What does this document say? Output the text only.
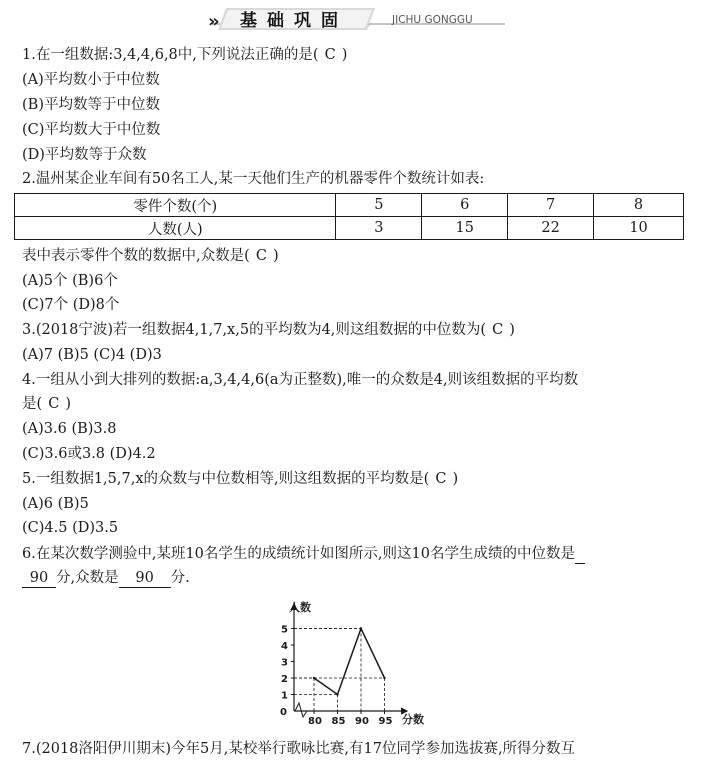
» 基础巩固	JICHU GONGGU
1.在一组数据:3,4,4,6,8中,下列说法正确的是( C )
(A)平均数小于中位数
(B)平均数等于中位数
(C)平均数大于中位数
(D)平均数等于众数
2.温州某企业车间有50名工人,某一天他们生产的机器零件个数统计如表:
零件个数(个)	5	6	7	8
人数(人)	3	15	22	10
表中表示零件个数的数据中,众数是( C )
(A)5个 (B)6个
(C)7个 (D)8个
3.(2018宁波)若一组数据4,1,7,x,5的平均数为4,则这组数据的中位数为( C )
(A)7 (B)5 (C)4 (D)3
4.一组从小到大排列的数据:a,3,4,4,6(a为正整数),唯一的众数是4,则该组数据的平均数
是( C )
(A)3.6 (B)3.8
(C)3.6或3.8 (D)4.2
5.一组数据1,5,7,x的众数与中位数相等,则这组数据的平均数是( C )
(A)6 (B)5
(C)4.5 (D)3.5
6.在某次数学测验中,某班10名学生的成绩统计如图所示,则这10名学生成绩的中位数是
90 分,众数是 90 分.
人数
分数
0
1
2
3
4
5
80 85 90 95
7.(2018洛阳伊川期末)今年5月,某校举行歌咏比赛,有17位同学参加选拔赛,所得分数互
